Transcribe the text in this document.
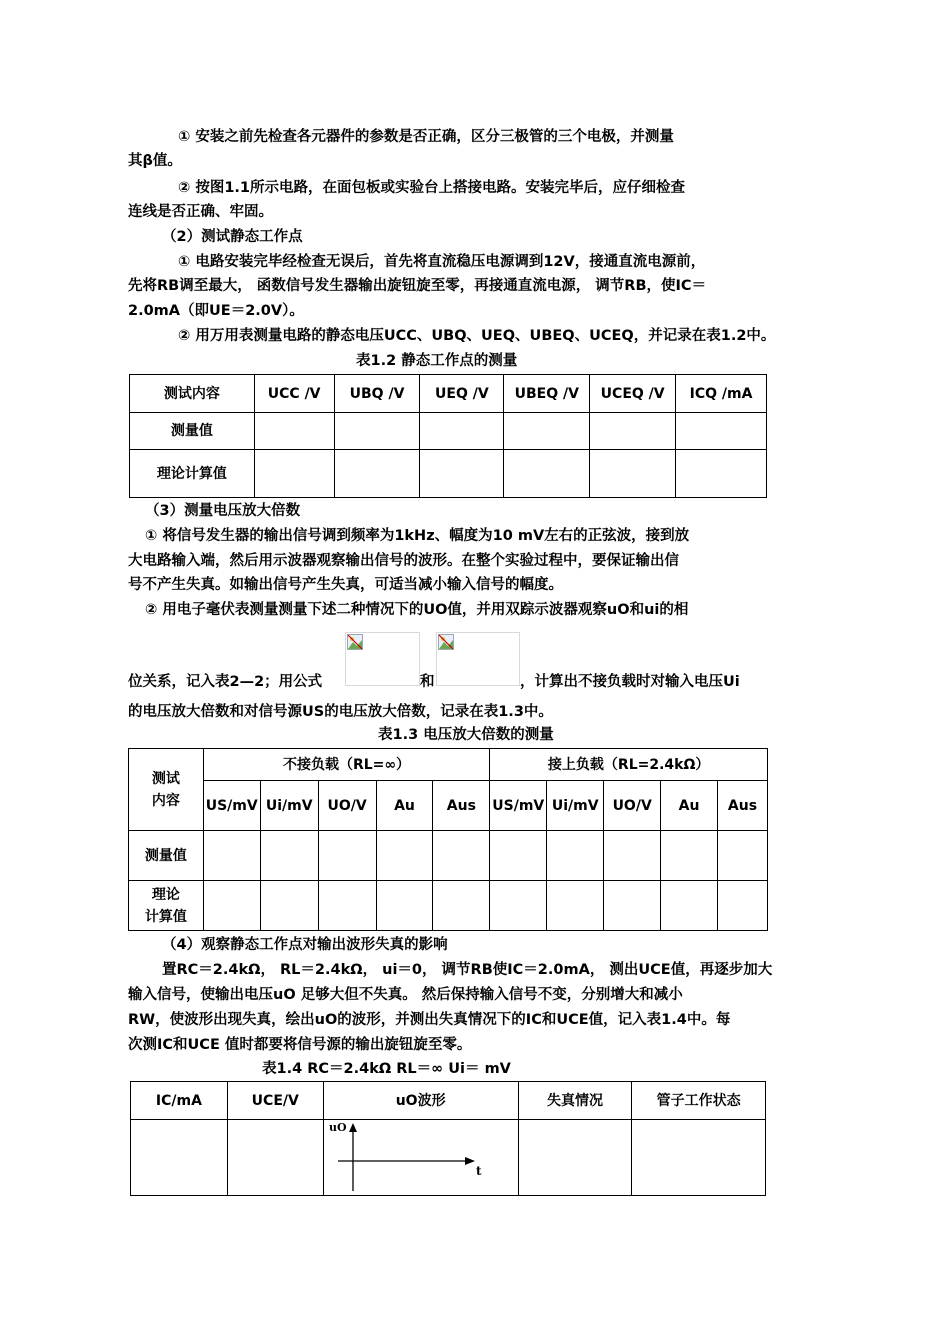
① 安装之前先检查各元器件的参数是否正确，区分三极管的三个电极，并测量
其β值。
② 按图1.1所示电路，在面包板或实验台上搭接电路。安装完毕后，应仔细检查
连线是否正确、牢固。
（2）测试静态工作点
① 电路安装完毕经检查无误后，首先将直流稳压电源调到12V，接通直流电源前，
先将RB调至最大， 函数信号发生器输出旋钮旋至零，再接通直流电源， 调节RB，使IC＝
2.0mA（即UE＝2.0V）。
② 用万用表测量电路的静态电压UCC、UBQ、UEQ、UBEQ、UCEQ，并记录在表1.2中。
表1.2 静态工作点的测量
测试内容	UCC /V	UBQ /V	UEQ /V	UBEQ /V	UCEQ /V	ICQ /mA
测量值						
理论计算值						
（3）测量电压放大倍数
① 将信号发生器的输出信号调到频率为1kHz、幅度为10 mV左右的正弦波，接到放
大电路输入端，然后用示波器观察输出信号的波形。在整个实验过程中，要保证输出信
号不产生失真。如输出信号产生失真，可适当减小输入信号的幅度。
② 用电子毫伏表测量测量下述二种情况下的UO值，并用双踪示波器观察uO和ui的相
位关系，记入表2—2；用公式	和	，计算出不接负载时对输入电压Ui
的电压放大倍数和对信号源US的电压放大倍数，记录在表1.3中。
表1.3 电压放大倍数的测量
测试
内容	不接负载（RL=∞）					接上负载（RL=2.4kΩ）				
	US/mV	Ui/mV	UO/V	Au	Aus	US/mV	Ui/mV	UO/V	Au	Aus
测量值										

理论
计算值										

（4）观察静态工作点对输出波形失真的影响
置RC＝2.4kΩ， RL＝2.4kΩ， ui＝0， 调节RB使IC＝2.0mA， 测出UCE值，再逐步加大
输入信号，使输出电压uO 足够大但不失真。 然后保持输入信号不变，分别增大和减小
RW，使波形出现失真，绘出uO的波形，并测出失真情况下的IC和UCE值，记入表1.4中。每
次测IC和UCE 值时都要将信号源的输出旋钮旋至零。
表1.4 RC＝2.4kΩ RL＝∞ Ui＝ mV
IC/mA	UCE/V	uO波形	失真情况	管子工作状态

uO
t		
